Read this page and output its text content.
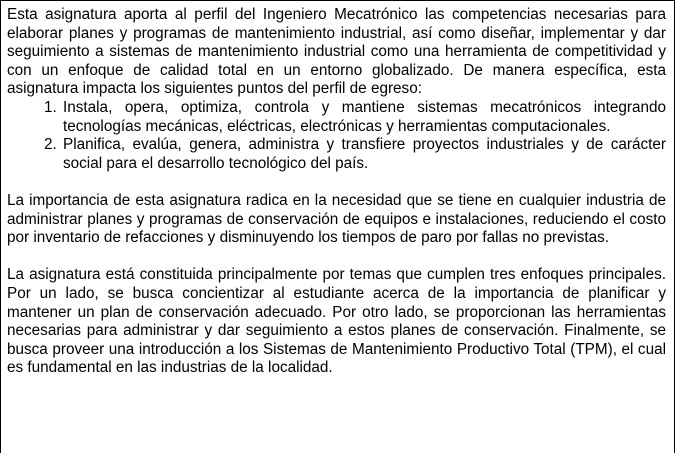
Esta asignatura aporta al perfil del Ingeniero Mecatrónico las competencias necesarias para elaborar planes y programas de mantenimiento industrial, así como diseñar, implementar y dar seguimiento a sistemas de mantenimiento industrial como una herramienta de competitividad y con un enfoque de calidad total en un entorno globalizado. De manera específica, esta asignatura impacta los siguientes puntos del perfil de egreso:

1. Instala, opera, optimiza, controla y mantiene sistemas mecatrónicos integrando tecnologías mecánicas, eléctricas, electrónicas y herramientas computacionales.
2. Planifica, evalúa, genera, administra y transfiere proyectos industriales y de carácter social para el desarrollo tecnológico del país.

La importancia de esta asignatura radica en la necesidad que se tiene en cualquier industria de administrar planes y programas de conservación de equipos e instalaciones, reduciendo el costo por inventario de refacciones y disminuyendo los tiempos de paro por fallas no previstas.

La asignatura está constituida principalmente por temas que cumplen tres enfoques principales. Por un lado, se busca concientizar al estudiante acerca de la importancia de planificar y mantener un plan de conservación adecuado. Por otro lado, se proporcionan las herramientas necesarias para administrar y dar seguimiento a estos planes de conservación. Finalmente, se busca proveer una introducción a los Sistemas de Mantenimiento Productivo Total (TPM), el cual es fundamental en las industrias de la localidad.
